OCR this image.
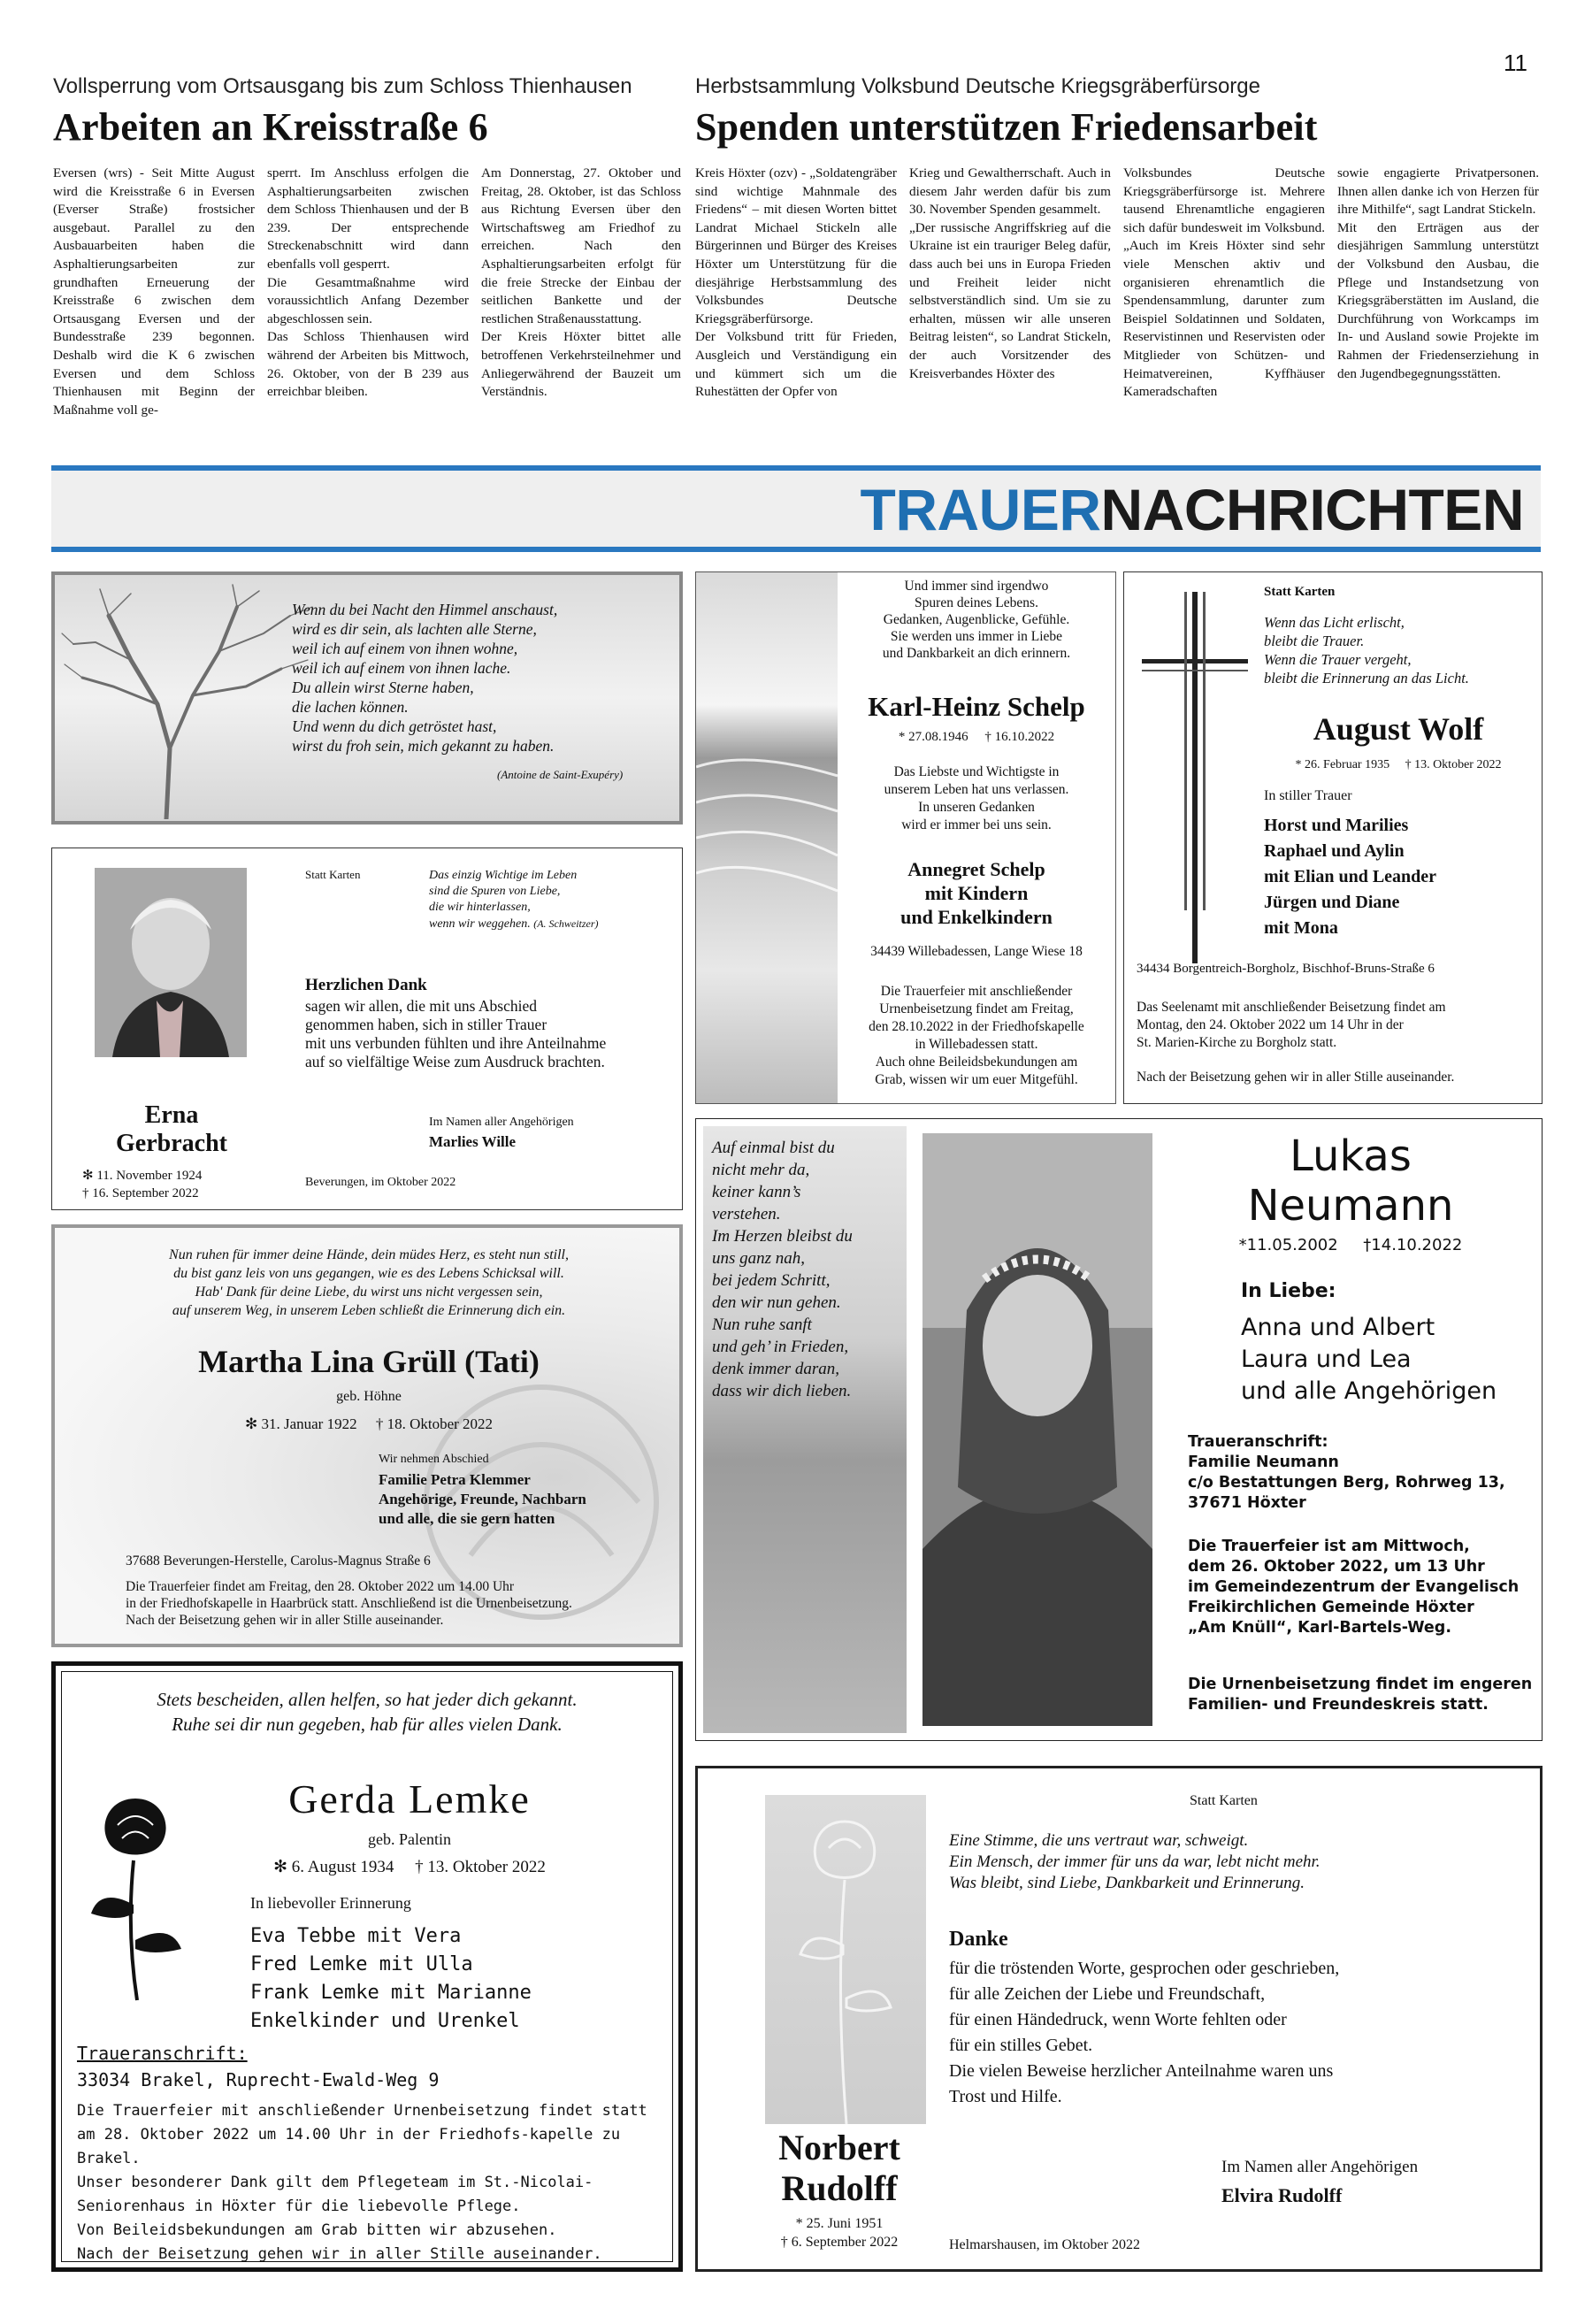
11
Vollsperrung vom Ortsausgang bis zum Schloss Thienhausen
Arbeiten an Kreisstraße 6

Eversen (wrs) - Seit Mitte August wird die Kreisstraße 6 in Eversen (Everser Straße) frostsicher ausgebaut. Parallel zu den Ausbauarbeiten haben die Asphaltierungsarbeiten zur grundhaften Erneuerung der Kreisstraße 6 zwischen dem Ortsausgang Eversen und der Bundesstraße 239 begonnen. Deshalb wird die K 6 zwischen Eversen und dem Schloss Thienhausen mit Beginn der Maßnahme voll ge-

sperrt. Im Anschluss erfolgen die Asphaltierungsarbeiten zwischen dem Schloss Thienhausen und der B 239. Der entsprechende Streckenabschnitt wird dann ebenfalls voll gesperrt.

Die Gesamtmaßnahme wird voraussichtlich Anfang Dezember abgeschlossen sein.

Das Schloss Thienhausen wird während der Arbeiten bis Mittwoch, 26. Oktober, von der B 239 aus erreichbar bleiben.

Am Donnerstag, 27. Oktober und Freitag, 28. Oktober, ist das Schloss aus Richtung Eversen über den Wirtschaftsweg am Friedhof zu erreichen. Nach den Asphaltierungsarbeiten erfolgt für die freie Strecke der Einbau der seitlichen Bankette und der restlichen Straßenausstattung.

Der Kreis Höxter bittet alle betroffenen Verkehrsteilnehmer und Anliegerwährend der Bauzeit um Verständnis.

Herbstsammlung Volksbund Deutsche Kriegsgräberfürsorge
Spenden unterstützen Friedensarbeit

Kreis Höxter (ozv) - „Soldatengräber sind wichtige Mahnmale des Friedens“ – mit diesen Worten bittet Landrat Michael Stickeln alle Bürgerinnen und Bürger des Kreises Höxter um Unterstützung für die diesjährige Herbstsammlung des Volksbundes Deutsche Kriegsgräberfürsorge.

Der Volksbund tritt für Frieden, Ausgleich und Verständigung ein und kümmert sich um die Ruhestätten der Opfer von

Krieg und Gewaltherrschaft. Auch in diesem Jahr werden dafür bis zum 30. November Spenden gesammelt.

„Der russische Angriffskrieg auf die Ukraine ist ein trauriger Beleg dafür, dass auch bei uns in Europa Frieden und Freiheit leider nicht selbstverständlich sind. Um sie zu erhalten, müssen wir alle unseren Beitrag leisten“, so Landrat Stickeln, der auch Vorsitzender des Kreisverbandes Höxter des

Volksbundes Deutsche Kriegsgräberfürsorge ist. Mehrere tausend Ehrenamtliche engagieren sich dafür bundesweit im Volksbund. „Auch im Kreis Höxter sind sehr viele Menschen aktiv und organisieren ehrenamtlich die Spendensammlung, darunter zum Beispiel Soldatinnen und Soldaten, Reservistinnen und Reservisten oder Mitglieder von Schützen- und Heimatvereinen, Kyffhäuser Kameradschaften

sowie engagierte Privatpersonen. Ihnen allen danke ich von Herzen für ihre Mithilfe“, sagt Landrat Stickeln.

Mit den Erträgen aus der diesjährigen Sammlung unterstützt der Volksbund den Ausbau, die Pflege und Instandsetzung von Kriegsgräberstätten im Ausland, die Durchführung von Workcamps im In- und Ausland sowie Projekte im Rahmen der Friedenserziehung in den Jugendbegegnungsstätten.

TRAUERNACHRICHTEN
Wenn du bei Nacht den Himmel anschaust,
wird es dir sein, als lachten alle Sterne,
weil ich auf einem von ihnen wohne,
weil ich auf einem von ihnen lache.
Du allein wirst Sterne haben,
die lachen können.
Und wenn du dich getröstet hast,
wirst du froh sein, mich gekannt zu haben.
(Antoine de Saint-Exupéry)
Erna
Gerbracht
✻ 11. November 1924
† 16. September 2022
Statt Karten	Das einzig Wichtige im Leben
sind die Spuren von Liebe,
die wir hinterlassen,
wenn wir weggehen. (A. Schweitzer)
Herzlichen Dank
sagen wir allen, die mit uns Abschied
genommen haben, sich in stiller Trauer
mit uns verbunden fühlten und ihre Anteilnahme
auf so vielfältige Weise zum Ausdruck brachten.
Im Namen aller Angehörigen
Marlies Wille
Beverungen, im Oktober 2022
Und immer sind irgendwo
Spuren deines Lebens.
Gedanken, Augenblicke, Gefühle.
Sie werden uns immer in Liebe
und Dankbarkeit an dich erinnern.
Karl-Heinz Schelp
* 27.08.1946     † 16.10.2022
Das Liebste und Wichtigste in
unserem Leben hat uns verlassen.
In unseren Gedanken
wird er immer bei uns sein.
Annegret Schelp
mit Kindern
und Enkelkindern
34439 Willebadessen, Lange Wiese 18
Die Trauerfeier mit anschließender
Urnenbeisetzung findet am Freitag,
den 28.10.2022 in der Friedhofskapelle
in Willebadessen statt.
Auch ohne Beileidsbekundungen am
Grab, wissen wir um euer Mitgefühl.
Statt Karten
Wenn das Licht erlischt,
bleibt die Trauer.
Wenn die Trauer vergeht,
bleibt die Erinnerung an das Licht.
August Wolf
* 26. Februar 1935     † 13. Oktober 2022
In stiller Trauer
Horst und Marilies
Raphael und Aylin
mit Elian und Leander
Jürgen und Diane
mit Mona
34434 Borgentreich-Borgholz, Bischhof-Bruns-Straße 6
Das Seelenamt mit anschließender Beisetzung findet am
Montag, den 24. Oktober 2022 um 14 Uhr in der
St. Marien-Kirche zu Borgholz statt.
Nach der Beisetzung gehen wir in aller Stille auseinander.
Nun ruhen für immer deine Hände, dein müdes Herz, es steht nun still,
du bist ganz leis von uns gegangen, wie es des Lebens Schicksal will.
Hab' Dank für deine Liebe, du wirst uns nicht vergessen sein,
auf unserem Weg, in unserem Leben schließt die Erinnerung dich ein.
Martha Lina Grüll (Tati)
geb. Höhne
✻ 31. Januar 1922     † 18. Oktober 2022
Wir nehmen Abschied
Familie Petra Klemmer
Angehörige, Freunde, Nachbarn
und alle, die sie gern hatten
37688 Beverungen-Herstelle, Carolus-Magnus Straße 6
Die Trauerfeier findet am Freitag, den 28. Oktober 2022 um 14.00 Uhr
in der Friedhofskapelle in Haarbrück statt. Anschließend ist die Urnenbeisetzung.
Nach der Beisetzung gehen wir in aller Stille auseinander.
Auf einmal bist du
nicht mehr da,
keiner kann’s
verstehen.
Im Herzen bleibst du
uns ganz nah,
bei jedem Schritt,
den wir nun gehen.
Nun ruhe sanft
und geh’ in Frieden,
denk immer daran,
dass wir dich lieben.
Lukas
Neumann
*11.05.2002     †14.10.2022
In Liebe:
Anna und Albert
Laura und Lea
und alle Angehörigen
Traueranschrift:
Familie Neumann
c/o Bestattungen Berg, Rohrweg 13,
37671 Höxter
Die Trauerfeier ist am Mittwoch,
dem 26. Oktober 2022, um 13 Uhr
im Gemeindezentrum der Evangelisch
Freikirchlichen Gemeinde Höxter
„Am Knüll“, Karl-Bartels-Weg.
Die Urnenbeisetzung findet im engeren
Familien- und Freundeskreis statt.
Stets bescheiden, allen helfen, so hat jeder dich gekannt.
Ruhe sei dir nun gegeben, hab für alles vielen Dank.
Gerda Lemke
geb. Palentin
✻ 6. August 1934     † 13. Oktober 2022
In liebevoller Erinnerung
Eva Tebbe mit Vera
Fred Lemke mit Ulla
Frank Lemke mit Marianne
Enkelkinder und Urenkel
Traueranschrift:
33034 Brakel, Ruprecht-Ewald-Weg 9
Die Trauerfeier mit anschließender Urnenbeisetzung findet statt
am 28. Oktober 2022 um 14.00 Uhr in der Friedhofs-kapelle zu Brakel.
Unser besonderer Dank gilt dem Pflegeteam im St.-Nicolai-
Seniorenhaus in Höxter für die liebevolle Pflege.
Von Beileidsbekundungen am Grab bitten wir abzusehen.
Nach der Beisetzung gehen wir in aller Stille auseinander.
Norbert
Rudolff
* 25. Juni 1951
† 6. September 2022
Statt Karten
Eine Stimme, die uns vertraut war, schweigt.
Ein Mensch, der immer für uns da war, lebt nicht mehr.
Was bleibt, sind Liebe, Dankbarkeit und Erinnerung.
Danke
für die tröstenden Worte, gesprochen oder geschrieben,
für alle Zeichen der Liebe und Freundschaft,
für einen Händedruck, wenn Worte fehlten oder
für ein stilles Gebet.
Die vielen Beweise herzlicher Anteilnahme waren uns
Trost und Hilfe.
Im Namen aller Angehörigen
Elvira Rudolff
Helmarshausen, im Oktober 2022
